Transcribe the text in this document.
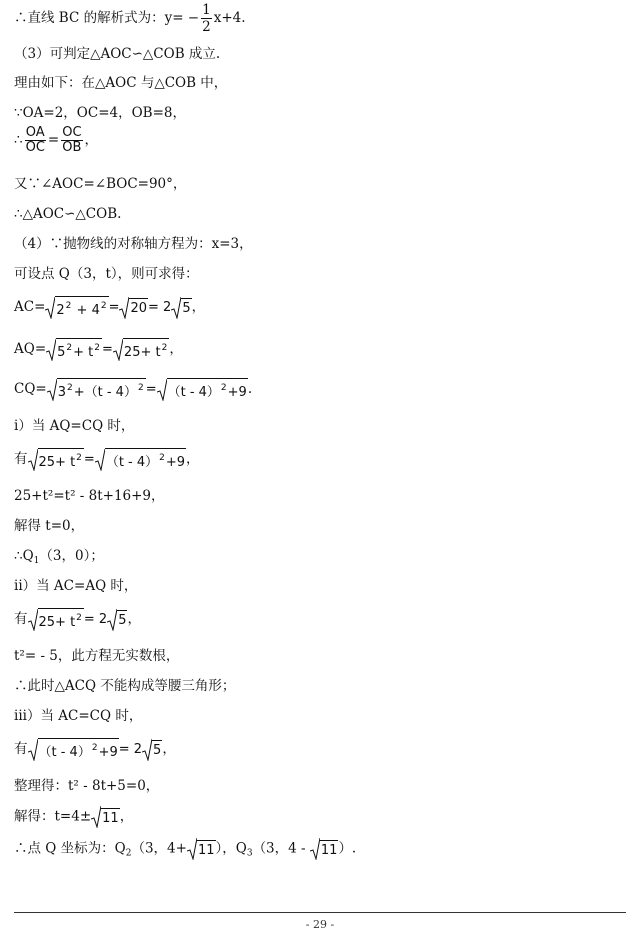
∴直线 BC 的解析式为：$y= - \frac{1}{2} x+4$.
（3）可判定△AOC∽△COB 成立.
理由如下：在△AOC 与△COB 中，
∵OA=2，OC=4，OB=8，
∴ $\frac{OA}{OC} = \frac{OC}{OB}$ ，
又∵∠AOC=∠BOC=90°，
∴△AOC∽△COB.
（4）∵抛物线的对称轴方程为：x=3，
可设点 Q（3，t），则可求得：
$AC= 2^2 + 4^2 = 20= 2$ 5，
$AQ= 5^2+ t^2 = 25+ t^2$ ，
$CQ= 3^2+(t - 4)^2 = (t - 4)^2+9$.
i）当 AQ=CQ 时，
有 $25+ t^2 = (t - 4)^2+9$，
25+t²=t² - 8t+16+9，
解得 t=0，
$\therefore Q_1(3$，0）；
ii）当 AC=AQ 时，
有 $25+ t^2 = 2$ 5，
t²= - 5，此方程无实数根，
∴此时△ACQ 不能构成等腰三角形；
iii）当 AC=CQ 时，
有 （t - 4）$^2$+9= 2 5，
整理得：t² - 8t+5=0，
解得：t=4± 11，
∴点 Q 坐标为：$Q_2(3$，4+ 11），$Q_3(3$，4 - 11）.
- 29 -
